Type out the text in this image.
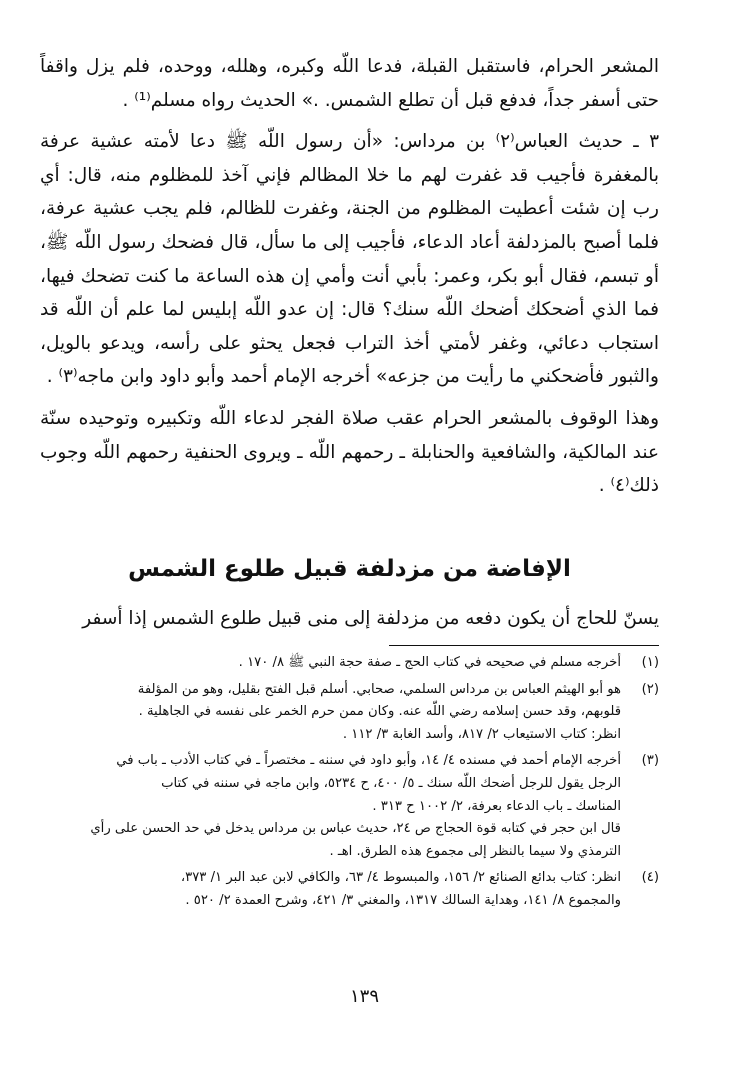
المشعر الحرام، فاستقبل القبلة، فدعا اللّه وكبره، وهلله، ووحده، فلم يزل واقفاً حتى أسفر جداً، فدفع قبل أن تطلع الشمس. .» الحديث رواه مسلم⁽¹⁾ .

٣ ـ حديث العباس⁽٢⁾ بن مرداس: «أن رسول اللّه ﷺ دعا لأمته عشية عرفة بالمغفرة فأجيب قد غفرت لهم ما خلا المظالم فإني آخذ للمظلوم منه، قال: أي رب إن شئت أعطيت المظلوم من الجنة، وغفرت للظالم، فلم يجب عشية عرفة، فلما أصبح بالمزدلفة أعاد الدعاء، فأجيب إلى ما سأل، قال فضحك رسول اللّه ﷺ، أو تبسم، فقال أبو بكر، وعمر: بأبي أنت وأمي إن هذه الساعة ما كنت تضحك فيها، فما الذي أضحكك أضحك اللّه سنك؟ قال: إن عدو اللّه إبليس لما علم أن اللّه قد استجاب دعائي، وغفر لأمتي أخذ التراب فجعل يحثو على رأسه، ويدعو بالويل، والثبور فأضحكني ما رأيت من جزعه» أخرجه الإمام أحمد وأبو داود وابن ماجه⁽٣⁾ .

وهذا الوقوف بالمشعر الحرام عقب صلاة الفجر لدعاء اللّه وتكبيره وتوحيده سنّة عند المالكية، والشافعية والحنابلة ـ رحمهم اللّه ـ ويروى الحنفية رحمهم اللّه وجوب ذلك⁽٤⁾ .

الإفاضة من مزدلفة قبيل طلوع الشمس
يسنّ للحاج أن يكون دفعه من مزدلفة إلى منى قبيل طلوع الشمس إذا أسفر
(١)
أخرجه مسلم في صحيحه في كتاب الحج ـ صفة حجة النبي ﷺ ٨/ ١٧٠ .
(٢)
هو أبو الهيثم العباس بن مرداس السلمي، صحابي. أسلم قبل الفتح بقليل، وهو من المؤلفة
قلوبهم، وقد حسن إسلامه رضي اللّه عنه. وكان ممن حرم الخمر على نفسه في الجاهلية .
انظر: كتاب الاستيعاب ٢/ ٨١٧، وأسد الغابة ٣/ ١١٢ .
(٣)
أخرجه الإمام أحمد في مسنده ٤/ ١٤، وأبو داود في سننه ـ مختصراً ـ في كتاب الأدب ـ باب في
الرجل يقول للرجل أضحك اللّه سنك ـ ٥/ ٤٠٠، ح ٥٢٣٤، وابن ماجه في سننه في كتاب
المناسك ـ باب الدعاء بعرفة، ٢/ ١٠٠٢ ح ٣١٣ .
قال ابن حجر في كتابه قوة الحجاج ص ٢٤، حديث عباس بن مرداس يدخل في حد الحسن على رأي
الترمذي ولا سيما بالنظر إلى مجموع هذه الطرق. اهـ .
(٤)
انظر: كتاب بدائع الصنائع ٢/ ١٥٦، والمبسوط ٤/ ٦٣، والكافي لابن عبد البر ١/ ٣٧٣،
والمجموع ٨/ ١٤١، وهداية السالك ١٣١٧، والمغني ٣/ ٤٢١، وشرح العمدة ٢/ ٥٢٠ .
١٣٩
